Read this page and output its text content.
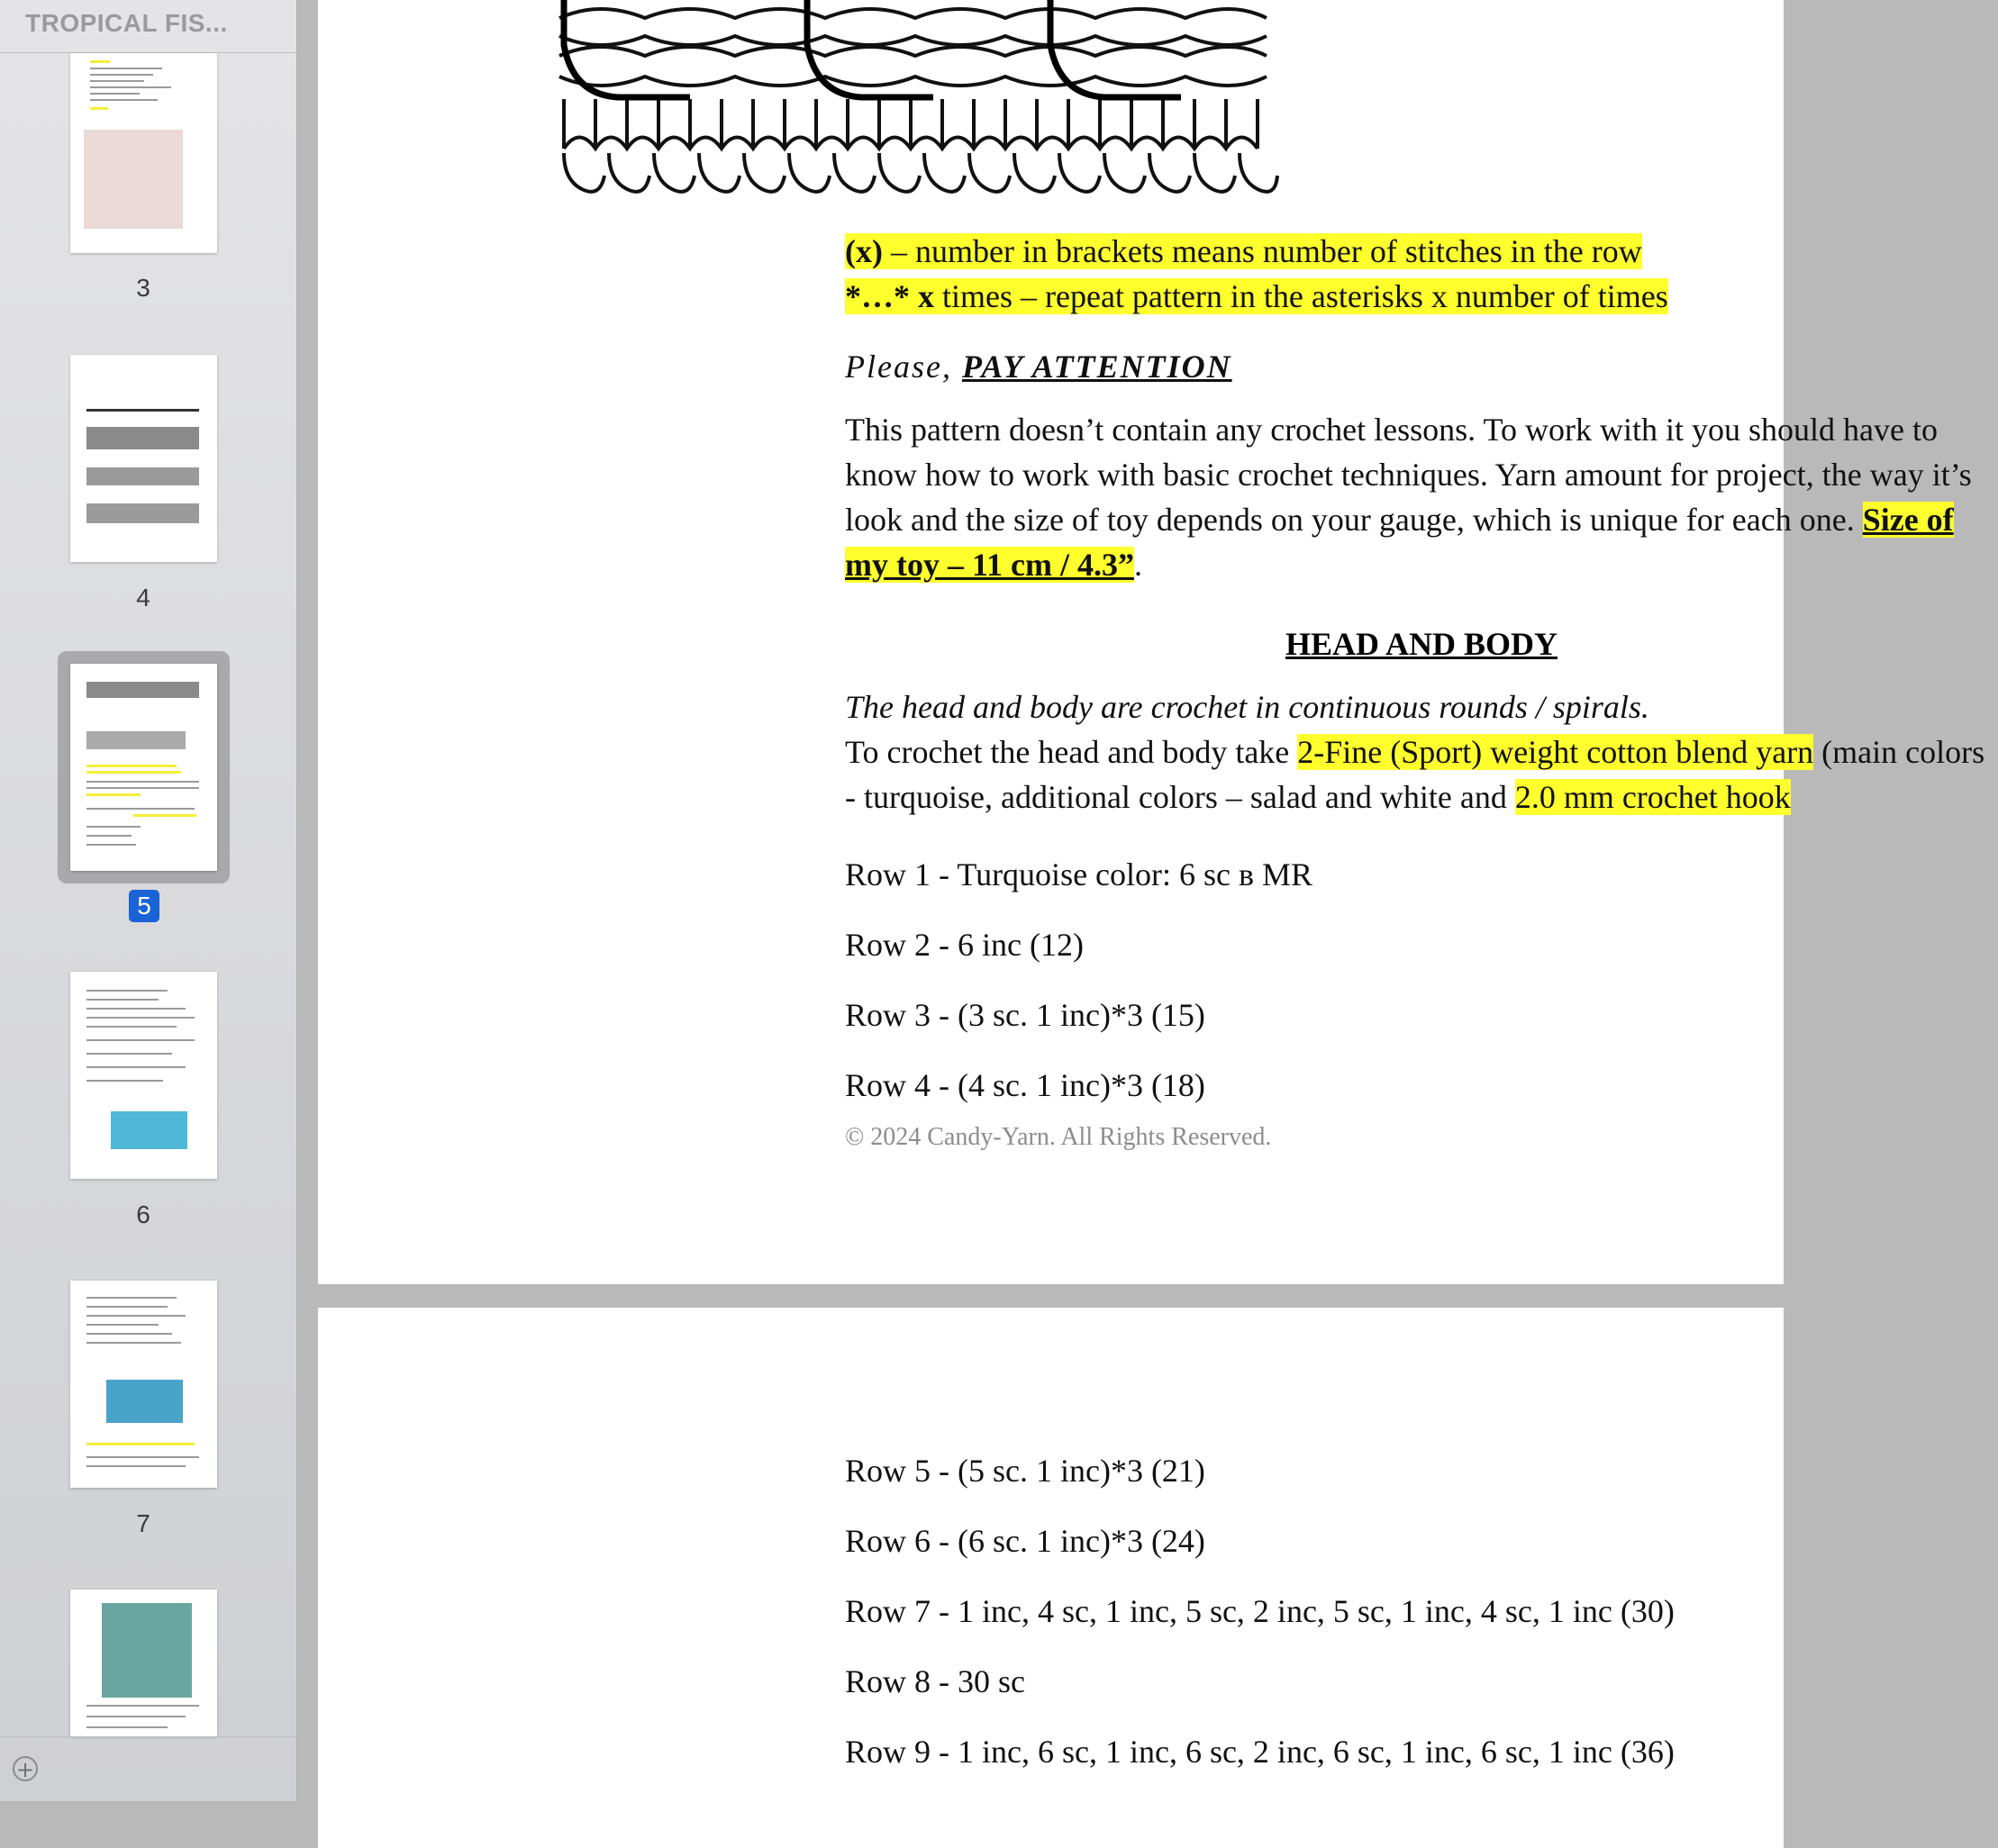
TROPICAL FIS...
3
4
5
6
7
+
(x) – number in brackets means number of stitches in the row
*…* x times – repeat pattern in the asterisks x number of times
Please, PAY ATTENTION
This pattern doesn’t contain any crochet lessons. To work with it you should have to know how to work with basic crochet techniques. Yarn amount for project, the way it’s look and the size of toy depends on your gauge, which is unique for each one. Size of my toy – 11 cm / 4.3”.
HEAD AND BODY
The head and body are crochet in continuous rounds / spirals.
To crochet the head and body take 2-Fine (Sport) weight cotton blend yarn (main colors - turquoise, additional colors – salad and white and 2.0 mm crochet hook
Row 1 - Turquoise color: 6 sc в MR
Row 2 - 6 inc (12)
Row 3 - (3 sc. 1 inc)*3 (15)
Row 4 - (4 sc. 1 inc)*3 (18)
© 2024 Candy-Yarn. All Rights Reserved.
Row 5 - (5 sc. 1 inc)*3 (21)
Row 6 - (6 sc. 1 inc)*3 (24)
Row 7 - 1 inc, 4 sc, 1 inc, 5 sc, 2 inc, 5 sc, 1 inc, 4 sc, 1 inc (30)
Row 8 - 30 sc
Row 9 - 1 inc, 6 sc, 1 inc, 6 sc, 2 inc, 6 sc, 1 inc, 6 sc, 1 inc (36)
